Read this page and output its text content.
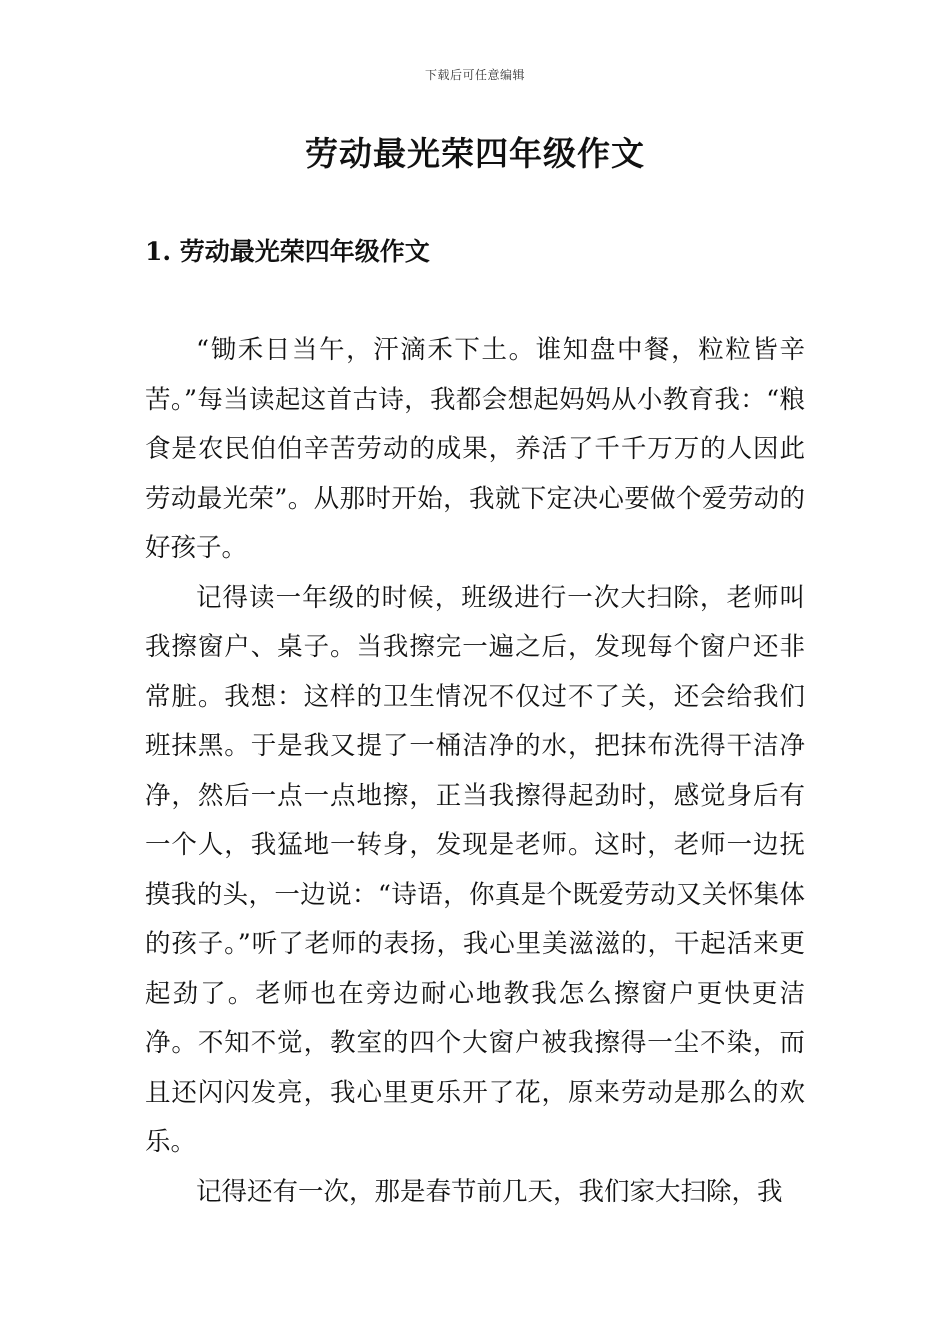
下载后可任意编辑
劳动最光荣四年级作文
1. 劳动最光荣四年级作文

“锄禾日当午，汗滴禾下土。谁知盘中餐，粒粒皆辛苦。”每当读起这首古诗，我都会想起妈妈从小教育我：“粮食是农民伯伯辛苦劳动的成果，养活了千千万万的人因此劳动最光荣”。从那时开始，我就下定决心要做个爱劳动的好孩子。

记得读一年级的时候，班级进行一次大扫除，老师叫我擦窗户、桌子。当我擦完一遍之后，发现每个窗户还非常脏。我想：这样的卫生情况不仅过不了关，还会给我们班抹黑。于是我又提了一桶洁净的水，把抹布洗得干洁净净，然后一点一点地擦，正当我擦得起劲时，感觉身后有一个人，我猛地一转身，发现是老师。这时，老师一边抚摸我的头，一边说：“诗语，你真是个既爱劳动又关怀集体的孩子。”听了老师的表扬，我心里美滋滋的，干起活来更起劲了。老师也在旁边耐心地教我怎么擦窗户更快更洁净。不知不觉，教室的四个大窗户被我擦得一尘不染，而且还闪闪发亮，我心里更乐开了花，原来劳动是那么的欢乐。

记得还有一次，那是春节前几天，我们家大扫除，我
